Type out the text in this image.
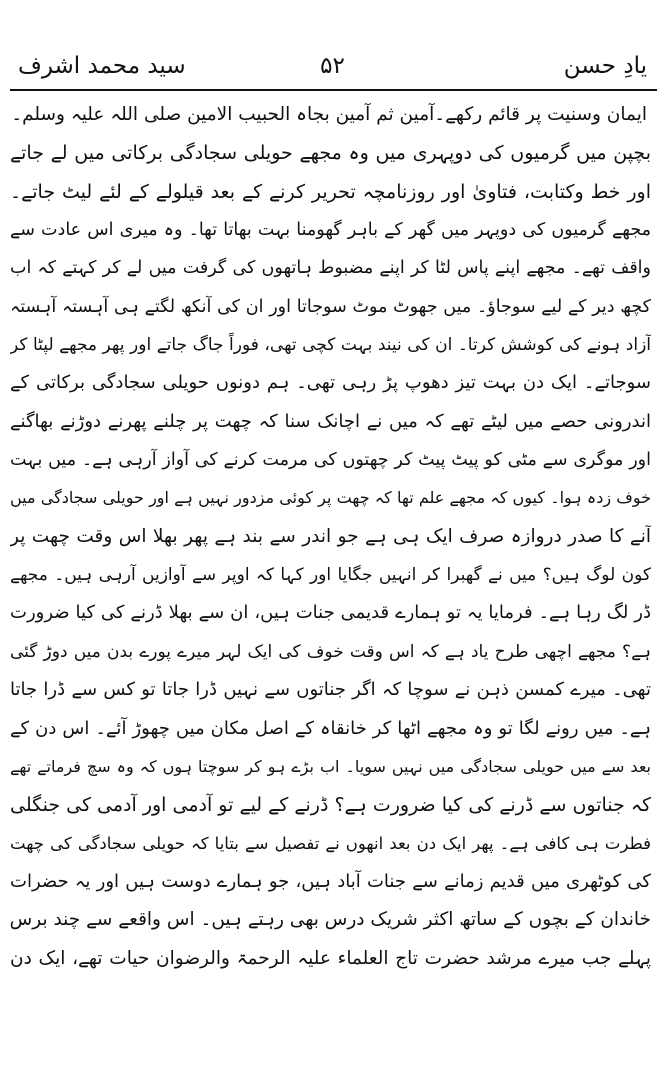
یادِ حسن
۵۲
سید محمد اشرف
ایمان وسنیت پر قائم رکھے۔آمین ثم آمین بجاہ الحبیب الامین صلی اللہ علیہ وسلم۔
بچپن میں گرمیوں کی دوپہری میں وہ مجھے حویلی سجادگی برکاتی میں لے جاتے
اور خط وکتابت، فتاویٰ اور روزنامچہ تحریر کرنے کے بعد قیلولے کے لئے لیٹ جاتے۔
مجھے گرمیوں کی دوپہر میں گھر کے باہر گھومنا بہت بھاتا تھا۔ وہ میری اس عادت سے
واقف تھے۔ مجھے اپنے پاس لٹا کر اپنے مضبوط ہاتھوں کی گرفت میں لے کر کہتے کہ اب
کچھ دیر کے لیے سوجاؤ۔ میں جھوٹ موٹ سوجاتا اور ان کی آنکھ لگتے ہی آہستہ آہستہ
آزاد ہونے کی کوشش کرتا۔ ان کی نیند بہت کچی تھی، فوراً جاگ جاتے اور پھر مجھے لپٹا کر
سوجاتے۔ ایک دن بہت تیز دھوپ پڑ رہی تھی۔ ہم دونوں حویلی سجادگی برکاتی کے
اندرونی حصے میں لیٹے تھے کہ میں نے اچانک سنا کہ چھت پر چلنے پھرنے دوڑنے بھاگنے
اور موگری سے مٹی کو پیٹ پیٹ کر چھتوں کی مرمت کرنے کی آواز آرہی ہے۔ میں بہت
خوف زدہ ہوا۔ کیوں کہ مجھے علم تھا کہ چھت پر کوئی مزدور نہیں ہے اور حویلی سجادگی میں
آنے کا صدر دروازہ صرف ایک ہی ہے جو اندر سے بند ہے پھر بھلا اس وقت چھت پر
کون لوگ ہیں؟ میں نے گھبرا کر انہیں جگایا اور کہا کہ اوپر سے آوازیں آرہی ہیں۔ مجھے
ڈر لگ رہا ہے۔ فرمایا یہ تو ہمارے قدیمی جنات ہیں، ان سے بھلا ڈرنے کی کیا ضرورت
ہے؟ مجھے اچھی طرح یاد ہے کہ اس وقت خوف کی ایک لہر میرے پورے بدن میں دوڑ گئی
تھی۔ میرے کمسن ذہن نے سوچا کہ اگر جناتوں سے نہیں ڈرا جاتا تو کس سے ڈرا جاتا
ہے۔ میں رونے لگا تو وہ مجھے اٹھا کر خانقاہ کے اصل مکان میں چھوڑ آئے۔ اس دن کے
بعد سے میں حویلی سجادگی میں نہیں سویا۔ اب بڑے ہو کر سوچتا ہوں کہ وہ سچ فرماتے تھے
کہ جناتوں سے ڈرنے کی کیا ضرورت ہے؟ ڈرنے کے لیے تو آدمی اور آدمی کی جنگلی
فطرت ہی کافی ہے۔ پھر ایک دن بعد انھوں نے تفصیل سے بتایا کہ حویلی سجادگی کی چھت
کی کوٹھری میں قدیم زمانے سے جنات آباد ہیں، جو ہمارے دوست ہیں اور یہ حضرات
خاندان کے بچوں کے ساتھ اکثر شریک درس بھی رہتے ہیں۔ اس واقعے سے چند برس
پہلے جب میرے مرشد حضرت تاج العلماء علیہ الرحمۃ والرضوان حیات تھے، ایک دن
